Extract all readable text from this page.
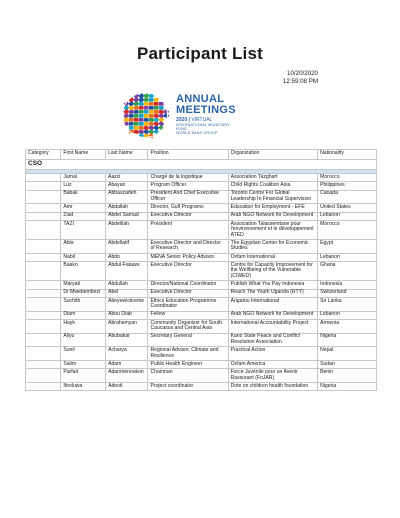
Participant List
10/20/2020
12:59:08 PM
ANNUAL
MEETINGS
2020 | VIRTUAL
INTERNATIONAL MONETARY FUND
WORLD BANK GROUP
Category	First Name	Last Name	Position	Organization	Nationality
CSO					

	Jamal	Aaziz	Chargé de la logistique	Association Tazghart	Morocco
	Luz	Abayan	Program Officer	Child Rights Coalition Asia	Philippines
	Babak	Abbaszadeh	President And Chief Executive Officer	Toronto Centre For Global Leadership In Financial Supervision	Canada
	Amr	Abdallah	Director, Gulf Programs	Education for Employment - EFE	United States
	Ziad	Abdel Samad	Executive Director	Arab NGO Network for Development	Lebanon
	TAZI	Abdelilah	Président	Association Talassemtane pour l'environnement et le développement ATED	Morocco
	Abla	Abdellatif	Executive Director and Director of Research	The Egyptian Center for Economic Studies	Egypt
	Nabil	Abdo	MENA Senior Policy Advisor	Oxfam International	Lebanon
	Baako	Abdul-Fatawu	Executive Director	Centre for Capacity Improvement for the Wellbeing of the Vulnerable (CIWED)	Ghana
	Maryati	Abdullah	Director/National Coordinator	Publish What You Pay Indonesia	Indonesia
	Dr Mwebembezi	Abel	Executive Director	Reach The Youth Uganda (RTY)	Switzerland
	Suchith	Abeyewickreme	Ethics Education Programme Coordinator	Arigatou International	Sri Lanka
	Diam	Abou Diab	Fellow	Arab NGO Network for Development	Lebanon
	Hayk	Abrahamyan	Community Organizer for South Caucasus and Central Asia	International Accountability Project	Armenia
	Aliyu	Abubakar	Secretary General	Kano State Peace and Conflict Resolution Association	Nigeria
	Sunil	Acharya	Regional Advisor, Climate and Resilience	Practical Action	Nepal
	Salim	Adam	Public Health Engineer	Oxfam America	Sudan
	Parfait	Adanmènoukon	Chairman	Force Juvénile pour un Avenir Rassurant (FoJAR)	Benin
	Ifeoluwa	Adeoti	Project coordinator	Dote on children health foundation	Nigeria
